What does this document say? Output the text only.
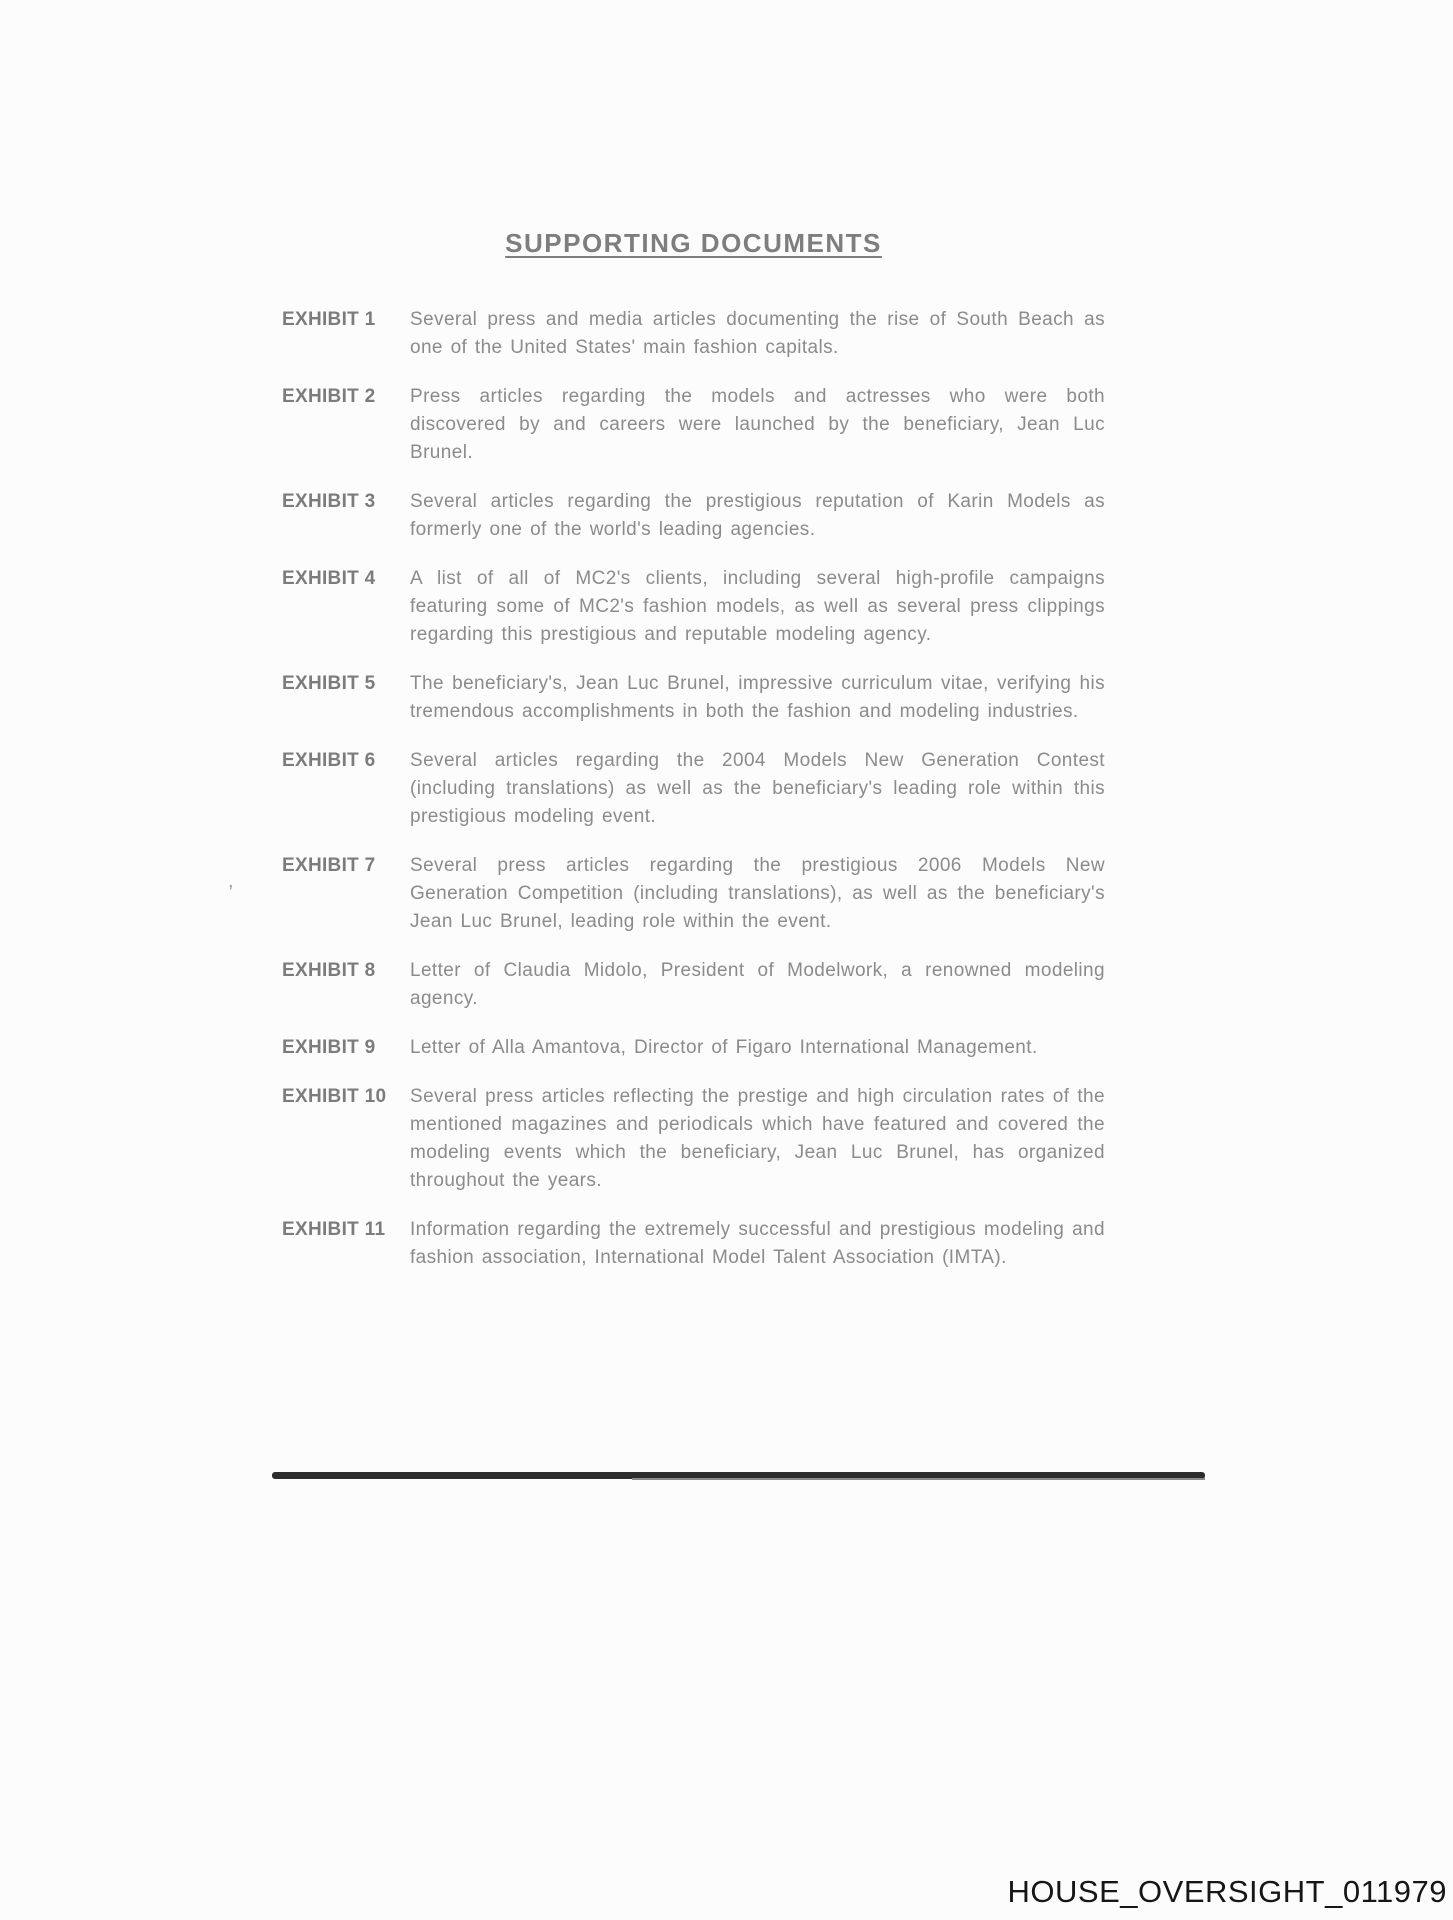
SUPPORTING DOCUMENTS
EXHIBIT 1	Several press and media articles documenting the rise of South Beach as one of the United States' main fashion capitals.
EXHIBIT 2	Press articles regarding the models and actresses who were both discovered by and careers were launched by the beneficiary, Jean Luc Brunel.
EXHIBIT 3	Several articles regarding the prestigious reputation of Karin Models as formerly one of the world's leading agencies.
EXHIBIT 4	A list of all of MC2's clients, including several high-profile campaigns featuring some of MC2's fashion models, as well as several press clippings regarding this prestigious and reputable modeling agency.
EXHIBIT 5	The beneficiary's, Jean Luc Brunel, impressive curriculum vitae, verifying his tremendous accomplishments in both the fashion and modeling industries.
EXHIBIT 6	Several articles regarding the 2004 Models New Generation Contest (including translations) as well as the beneficiary's leading role within this prestigious modeling event.
EXHIBIT 7	Several press articles regarding the prestigious 2006 Models New Generation Competition (including translations), as well as the beneficiary's Jean Luc Brunel, leading role within the event.
EXHIBIT 8	Letter of Claudia Midolo, President of Modelwork, a renowned modeling agency.
EXHIBIT 9	Letter of Alla Amantova, Director of Figaro International Management.
EXHIBIT 10	Several press articles reflecting the prestige and high circulation rates of the mentioned magazines and periodicals which have featured and covered the modeling events which the beneficiary, Jean Luc Brunel, has organized throughout the years.
EXHIBIT 11	Information regarding the extremely successful and prestigious modeling and fashion association, International Model Talent Association (IMTA).
,
HOUSE_OVERSIGHT_011979
